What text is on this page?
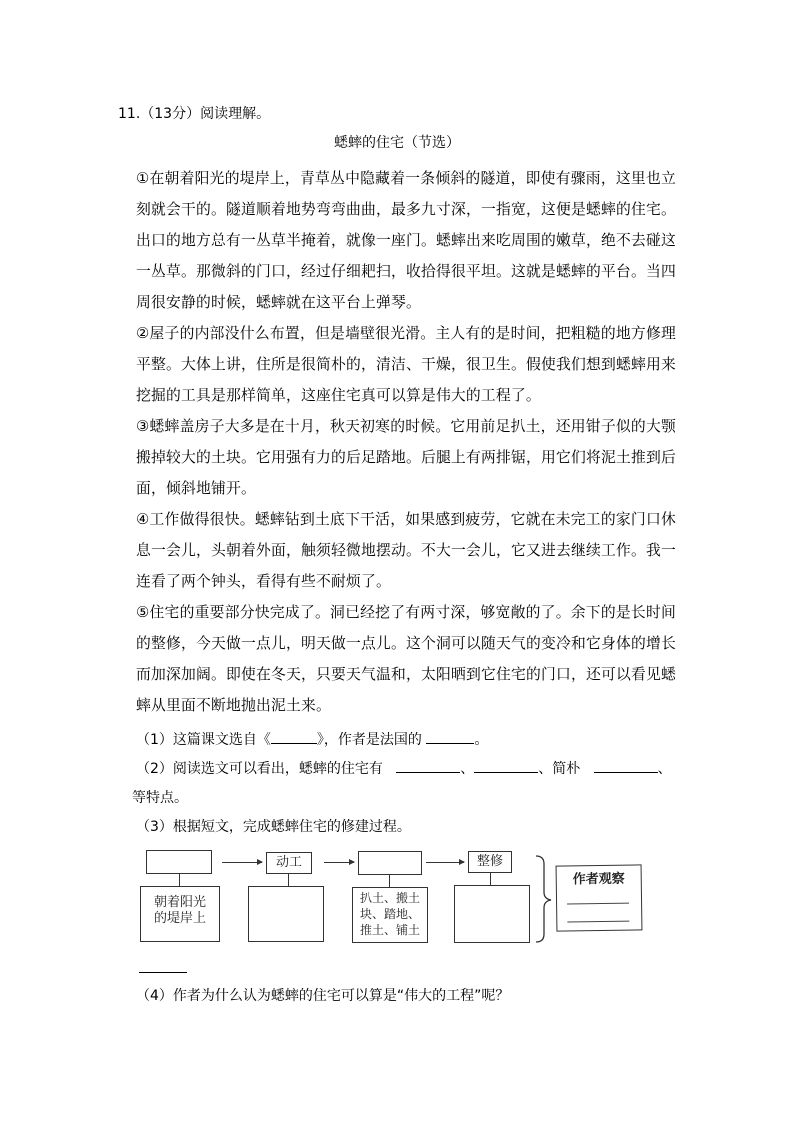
11.（13分）阅读理解。
蟋蟀的住宅（节选）

①在朝着阳光的堤岸上，青草丛中隐藏着一条倾斜的隧道，即使有骤雨，这里也立刻就会干的。隧道顺着地势弯弯曲曲，最多九寸深，一指宽，这便是蟋蟀的住宅。出口的地方总有一丛草半掩着，就像一座门。蟋蟀出来吃周围的嫩草，绝不去碰这一丛草。那微斜的门口，经过仔细耙扫，收拾得很平坦。这就是蟋蟀的平台。当四周很安静的时候，蟋蟀就在这平台上弹琴。

②屋子的内部没什么布置，但是墙壁很光滑。主人有的是时间，把粗糙的地方修理平整。大体上讲，住所是很简朴的，清洁、干燥，很卫生。假使我们想到蟋蟀用来挖掘的工具是那样简单，这座住宅真可以算是伟大的工程了。

③蟋蟀盖房子大多是在十月，秋天初寒的时候。它用前足扒土，还用钳子似的大颚搬掉较大的土块。它用强有力的后足踏地。后腿上有两排锯，用它们将泥土推到后面，倾斜地铺开。

④工作做得很快。蟋蟀钻到土底下干活，如果感到疲劳，它就在未完工的家门口休息一会儿，头朝着外面，触须轻微地摆动。不大一会儿，它又进去继续工作。我一连看了两个钟头，看得有些不耐烦了。

⑤住宅的重要部分快完成了。洞已经挖了有两寸深，够宽敞的了。余下的是长时间的整修，今天做一点儿，明天做一点儿。这个洞可以随天气的变冷和它身体的增长而加深加阔。即使在冬天，只要天气温和，太阳晒到它住宅的门口，还可以看见蟋蟀从里面不断地抛出泥土来。

（1）这篇课文选自《	》，作者是法国的	。

（2）阅读选文可以看出，蟋蟀的住宅有	、	、简朴	、

等特点。

（3）根据短文，完成蟋蟀住宅的修建过程。

朝着阳光
的堤岸上
动工
扒土、搬土
块、踏地、
推土、铺土
整修
作者观察
（4）作者为什么认为蟋蟀的住宅可以算是“伟大的工程”呢？
